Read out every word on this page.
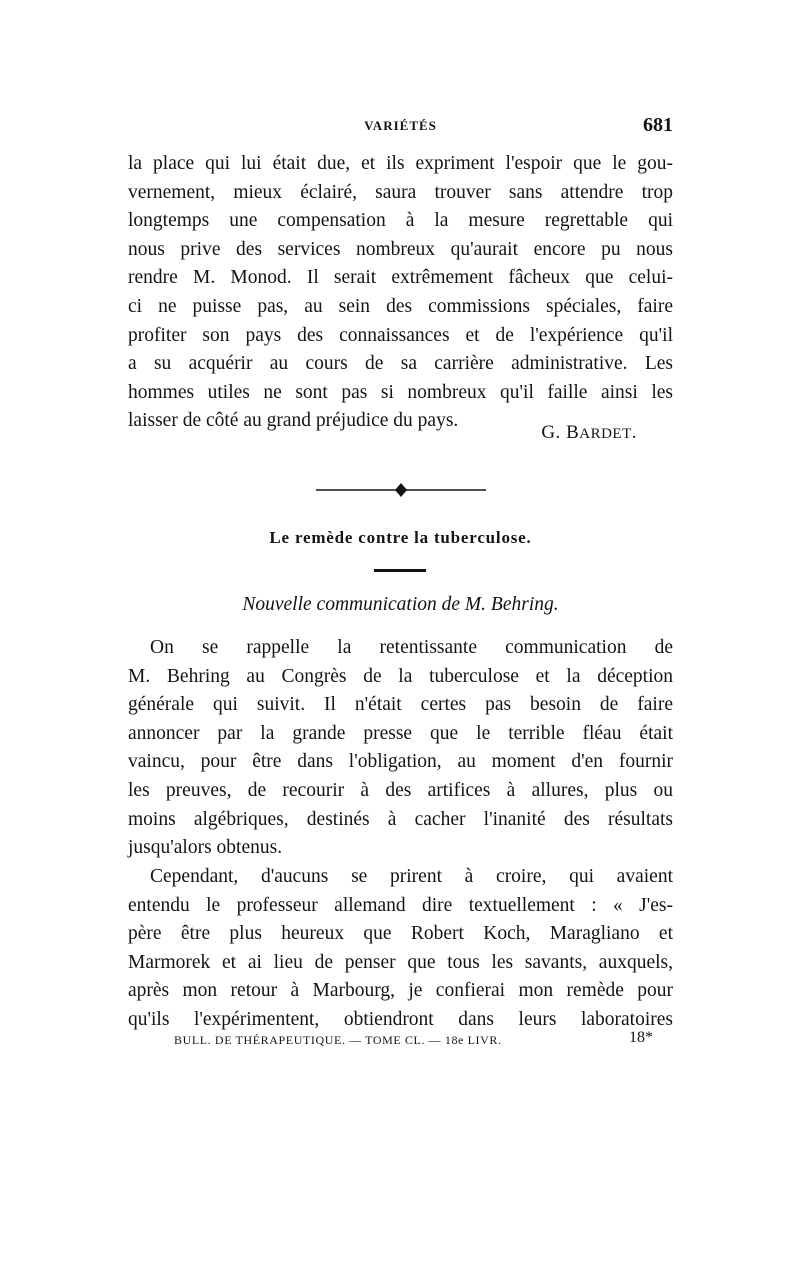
VARIÉTÉS	681
la place qui lui était due, et ils expriment l'espoir que le gou-
vernement, mieux éclairé, saura trouver sans attendre trop
longtemps une compensation à la mesure regrettable qui
nous prive des services nombreux qu'aurait encore pu nous
rendre M. Monod. Il serait extrêmement fâcheux que celui-
ci ne puisse pas, au sein des commissions spéciales, faire
profiter son pays des connaissances et de l'expérience qu'il
a su acquérir au cours de sa carrière administrative. Les
hommes utiles ne sont pas si nombreux qu'il faille ainsi les
laisser de côté au grand préjudice du pays.
G. BARDET.
Le remède contre la tuberculose.
Nouvelle communication de M. Behring.
On se rappelle la retentissante communication de
M. Behring au Congrès de la tuberculose et la déception
générale qui suivit. Il n'était certes pas besoin de faire
annoncer par la grande presse que le terrible fléau était
vaincu, pour être dans l'obligation, au moment d'en fournir
les preuves, de recourir à des artifices à allures, plus ou
moins algébriques, destinés à cacher l'inanité des résultats
jusqu'alors obtenus.
Cependant, d'aucuns se prirent à croire, qui avaient
entendu le professeur allemand dire textuellement : « J'es-
père être plus heureux que Robert Koch, Maragliano et
Marmorek et ai lieu de penser que tous les savants, auxquels,
après mon retour à Marbourg, je confierai mon remède pour
qu'ils l'expérimentent, obtiendront dans leurs laboratoires
BULL. DE THÉRAPEUTIQUE. — TOME CL. — 18e LIVR.	18*
